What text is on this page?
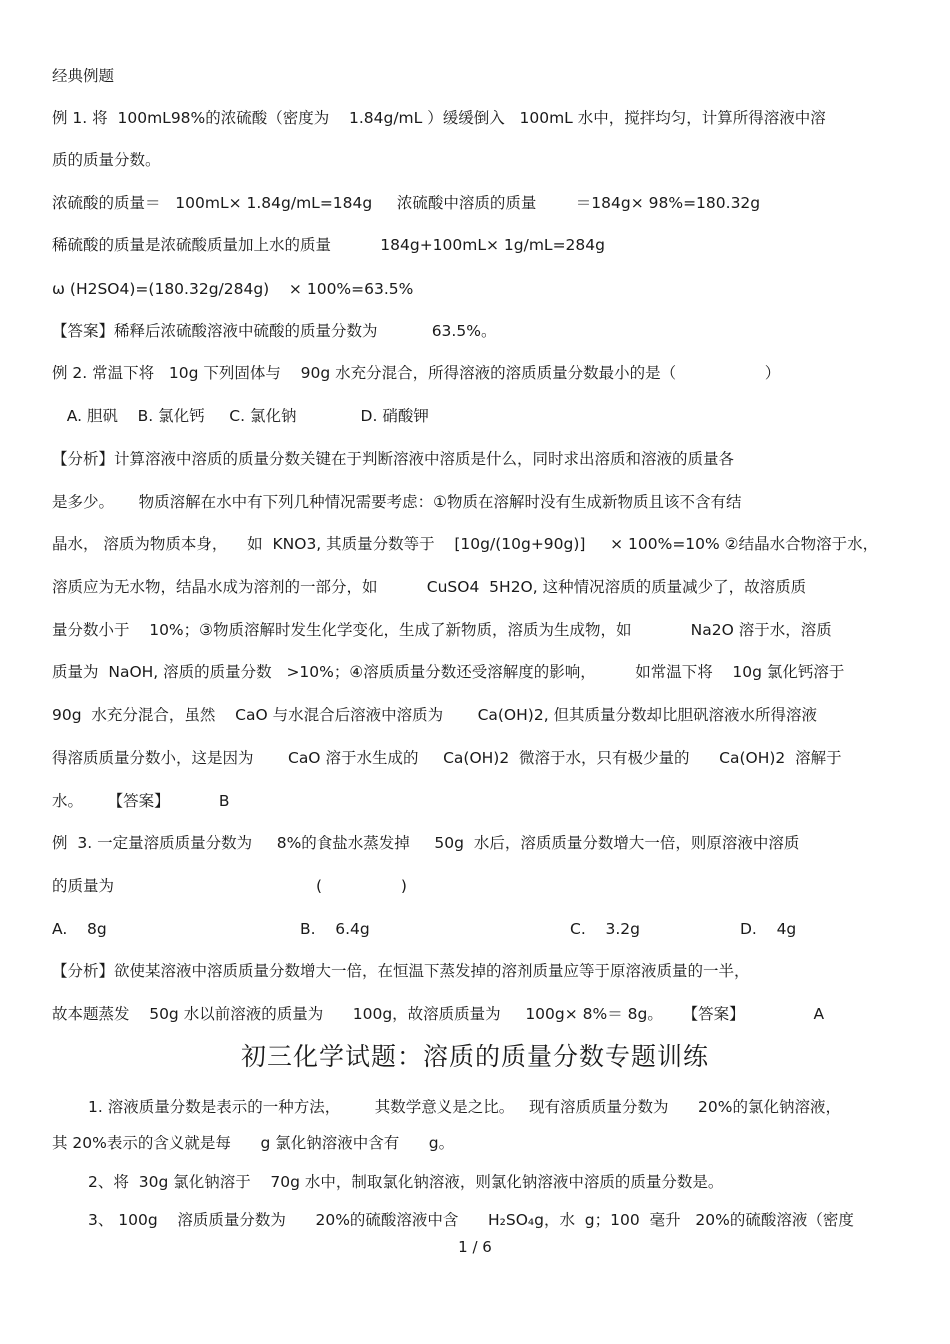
经典例题
例 1. 将  100mL98%的浓硫酸（密度为    1.84g/mL ）缓缓倒入   100mL 水中，搅拌均匀，计算所得溶液中溶
质的质量分数。
浓硫酸的质量＝   100mL× 1.84g/mL=184g     浓硫酸中溶质的质量        ＝184g× 98%=180.32g
稀硫酸的质量是浓硫酸质量加上水的质量          184g+100mL× 1g/mL=284g
ω (H2SO4)=(180.32g/284g)    × 100%=63.5%
【答案】稀释后浓硫酸溶液中硫酸的质量分数为           63.5%。
例 2. 常温下将   10g 下列固体与    90g 水充分混合，所得溶液的溶质质量分数最小的是（                  ）
A. 胆矾    B. 氯化钙     C. 氯化钠             D. 硝酸钾
【分析】计算溶液中溶质的质量分数关键在于判断溶液中溶质是什么，同时求出溶质和溶液的质量各
是多少。     物质溶解在水中有下列几种情况需要考虑：①物质在溶解时没有生成新物质且该不含有结
晶水， 溶质为物质本身，    如  KNO3, 其质量分数等于    [10g/(10g+90g)]     × 100%=10% ②结晶水合物溶于水，
溶质应为无水物，结晶水成为溶剂的一部分，如          CuSO4  5H2O, 这种情况溶质的质量减少了，故溶质质
量分数小于    10%；③物质溶解时发生化学变化，生成了新物质，溶质为生成物，如            Na2O 溶于水，溶质
质量为  NaOH, 溶质的质量分数   >10%；④溶质质量分数还受溶解度的影响，        如常温下将    10g 氯化钙溶于
90g  水充分混合，虽然    CaO 与水混合后溶液中溶质为       Ca(OH)2, 但其质量分数却比胆矾溶液水所得溶液
得溶质质量分数小，这是因为       CaO 溶于水生成的     Ca(OH)2  微溶于水，只有极少量的      Ca(OH)2  溶解于
水。     【答案】          B
例  3. 一定量溶质质量分数为     8%的食盐水蒸发掉     50g  水后，溶质质量分数增大一倍，则原溶液中溶质
的质量为                                         (                )
A.    8g	B.    6.4g	C.    3.2g	D.    4g
【分析】欲使某溶液中溶质质量分数增大一倍，在恒温下蒸发掉的溶剂质量应等于原溶液质量的一半，
故本题蒸发    50g 水以前溶液的质量为      100g，故溶质质量为     100g× 8%＝ 8g。    【答案】              A
初三化学试题：溶质的质量分数专题训练
1. 溶液质量分数是表示的一种方法，       其数学意义是之比。   现有溶质质量分数为      20%的氯化钠溶液，
其 20%表示的含义就是每      g 氯化钠溶液中含有      g。
2、将  30g 氯化钠溶于    70g 水中，制取氯化钠溶液，则氯化钠溶液中溶质的质量分数是。
3、 100g    溶质质量分数为      20%的硫酸溶液中含      H₂SO₄g，水  g；100  毫升   20%的硫酸溶液（密度
1 / 6
